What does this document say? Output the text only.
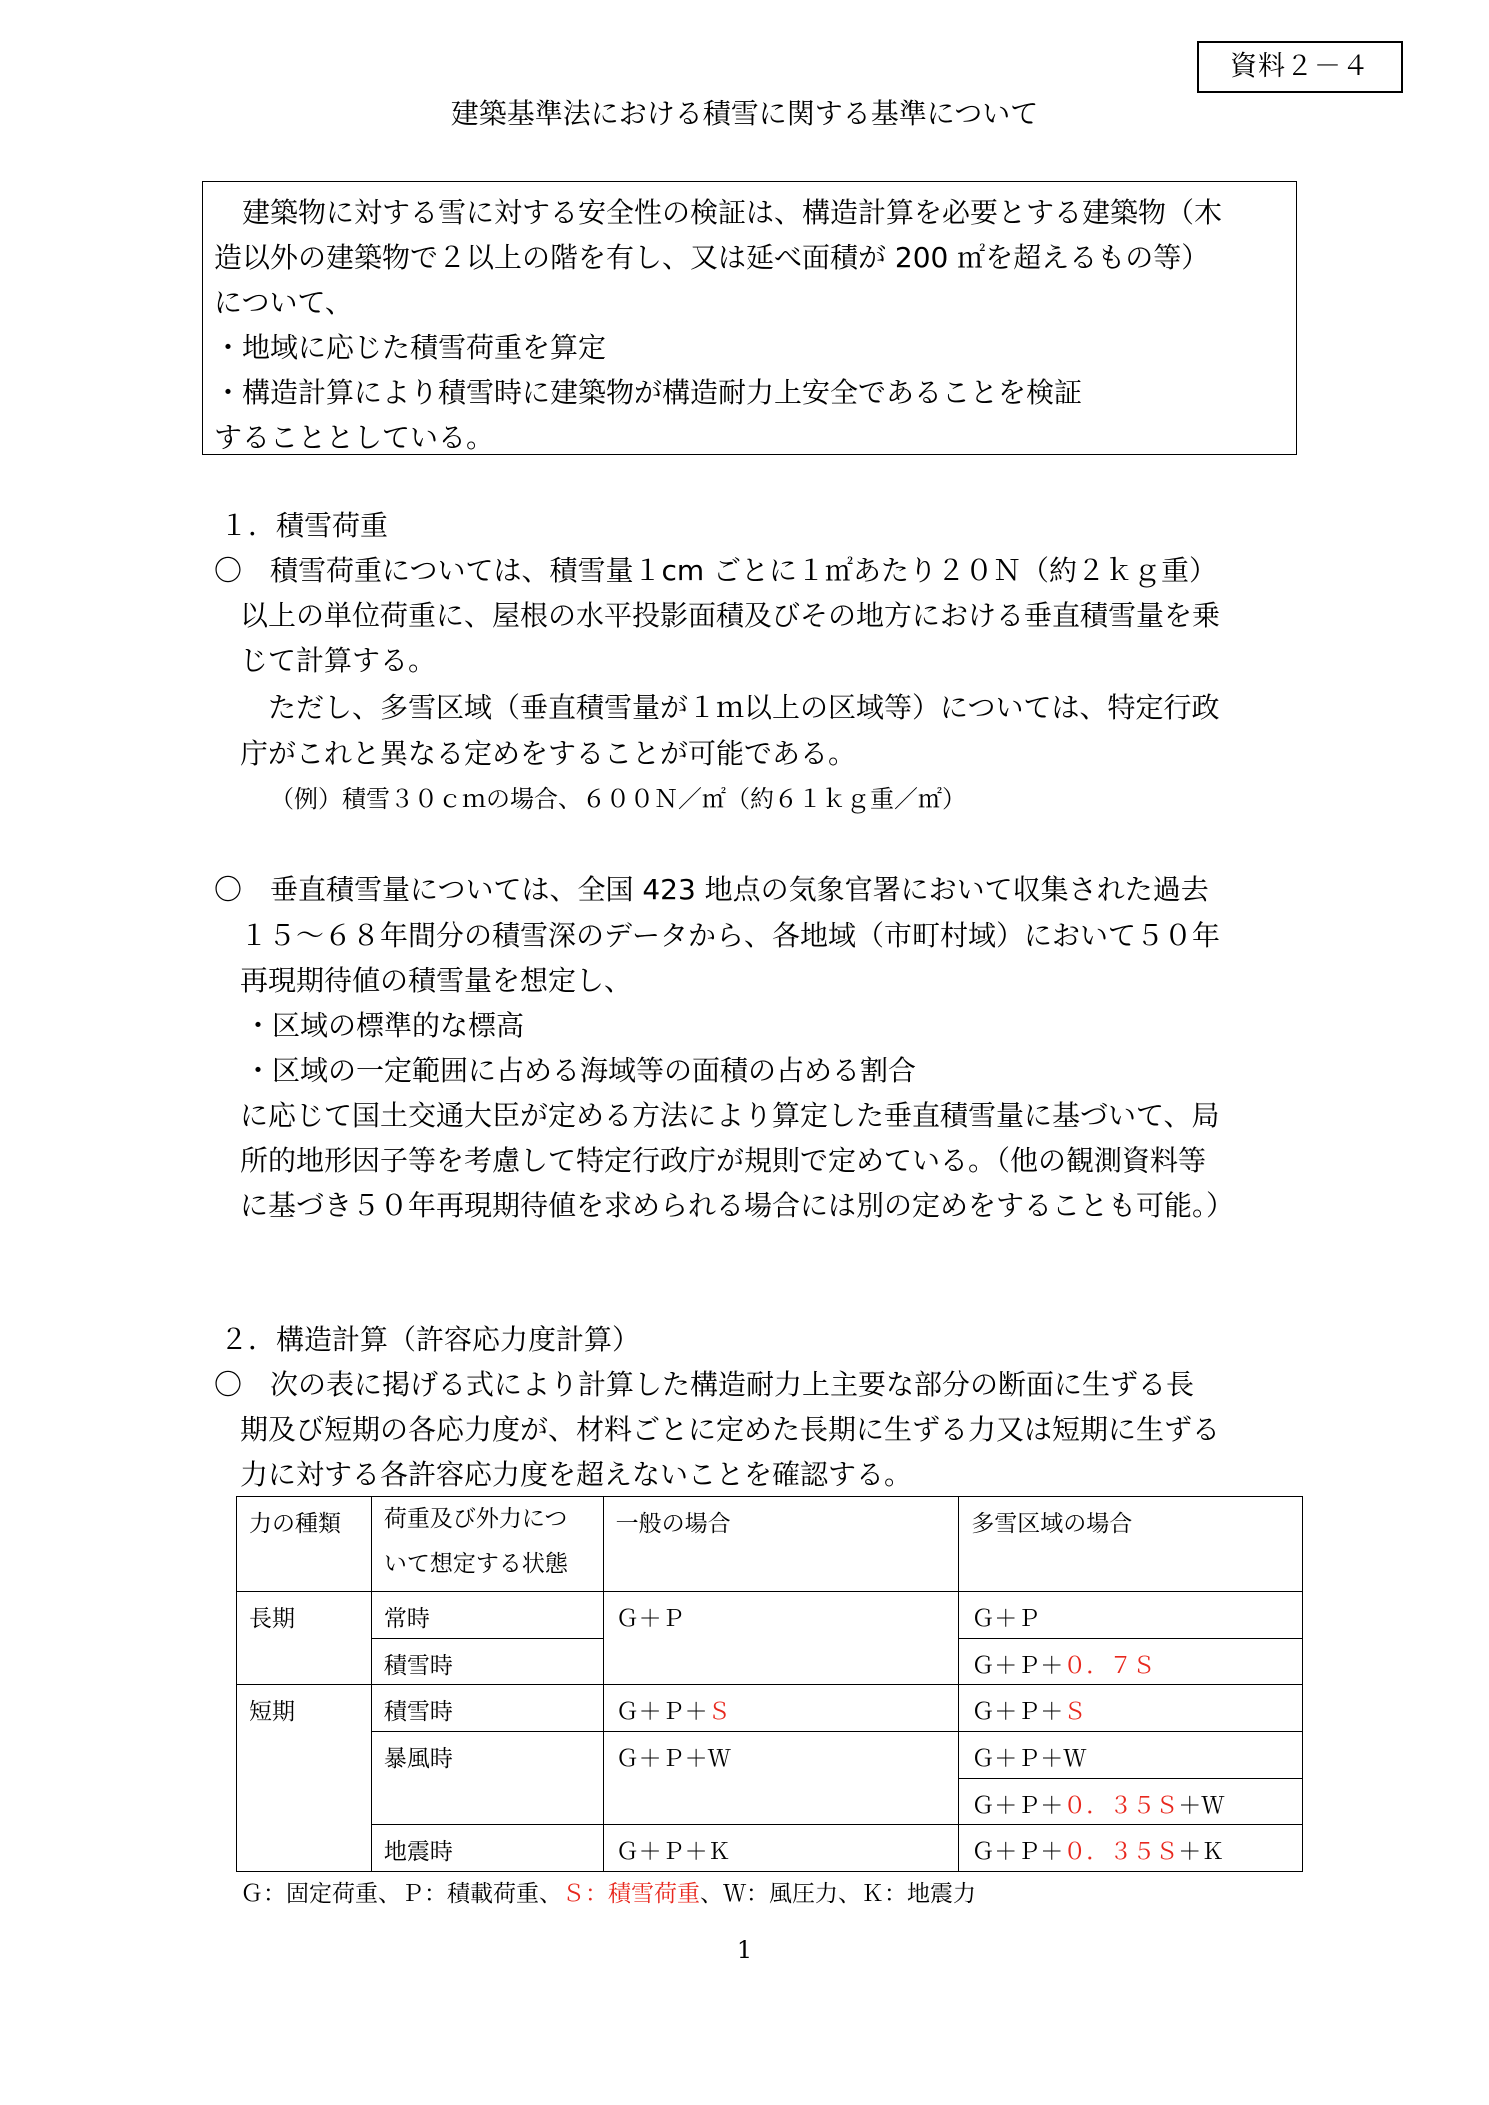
資料２－４
建築基準法における積雪に関する基準について
　建築物に対する雪に対する安全性の検証は、構造計算を必要とする建築物（木
造以外の建築物で２以上の階を有し、又は延べ面積が 200 ㎡を超えるもの等）
について、
・地域に応じた積雪荷重を算定
・構造計算により積雪時に建築物が構造耐力上安全であることを検証
することとしている。
１．積雪荷重
〇　積雪荷重については、積雪量１cm ごとに１㎡あたり２０Ｎ（約２ｋｇ重）
以上の単位荷重に、屋根の水平投影面積及びその地方における垂直積雪量を乗
じて計算する。
　ただし、多雪区域（垂直積雪量が１ｍ以上の区域等）については、特定行政
庁がこれと異なる定めをすることが可能である。
（例）積雪３０ｃｍの場合、６００Ｎ／㎡（約６１ｋｇ重／㎡）
〇　垂直積雪量については、全国 423 地点の気象官署において収集された過去
１５～６８年間分の積雪深のデータから、各地域（市町村域）において５０年
再現期待値の積雪量を想定し、
・区域の標準的な標高
・区域の一定範囲に占める海域等の面積の占める割合
に応じて国土交通大臣が定める方法により算定した垂直積雪量に基づいて、局
所的地形因子等を考慮して特定行政庁が規則で定めている。（他の観測資料等
に基づき５０年再現期待値を求められる場合には別の定めをすることも可能。）
２．構造計算（許容応力度計算）
〇　次の表に掲げる式により計算した構造耐力上主要な部分の断面に生ずる長
期及び短期の各応力度が、材料ごとに定めた長期に生ずる力又は短期に生ずる
力に対する各許容応力度を超えないことを確認する。
力の種類	荷重及び外力につ
いて想定する状態	一般の場合	多雪区域の場合
長期	常時	Ｇ＋Ｐ	Ｇ＋Ｐ
	積雪時		Ｇ＋Ｐ＋０．７Ｓ
短期	積雪時	Ｇ＋Ｐ＋Ｓ	Ｇ＋Ｐ＋Ｓ
	暴風時	Ｇ＋Ｐ＋Ｗ	Ｇ＋Ｐ＋Ｗ
			Ｇ＋Ｐ＋０．３５Ｓ＋Ｗ
	地震時	Ｇ＋Ｐ＋Ｋ	Ｇ＋Ｐ＋０．３５Ｓ＋Ｋ
Ｇ：固定荷重、Ｐ：積載荷重、Ｓ：積雪荷重、Ｗ：風圧力、Ｋ：地震力
1
